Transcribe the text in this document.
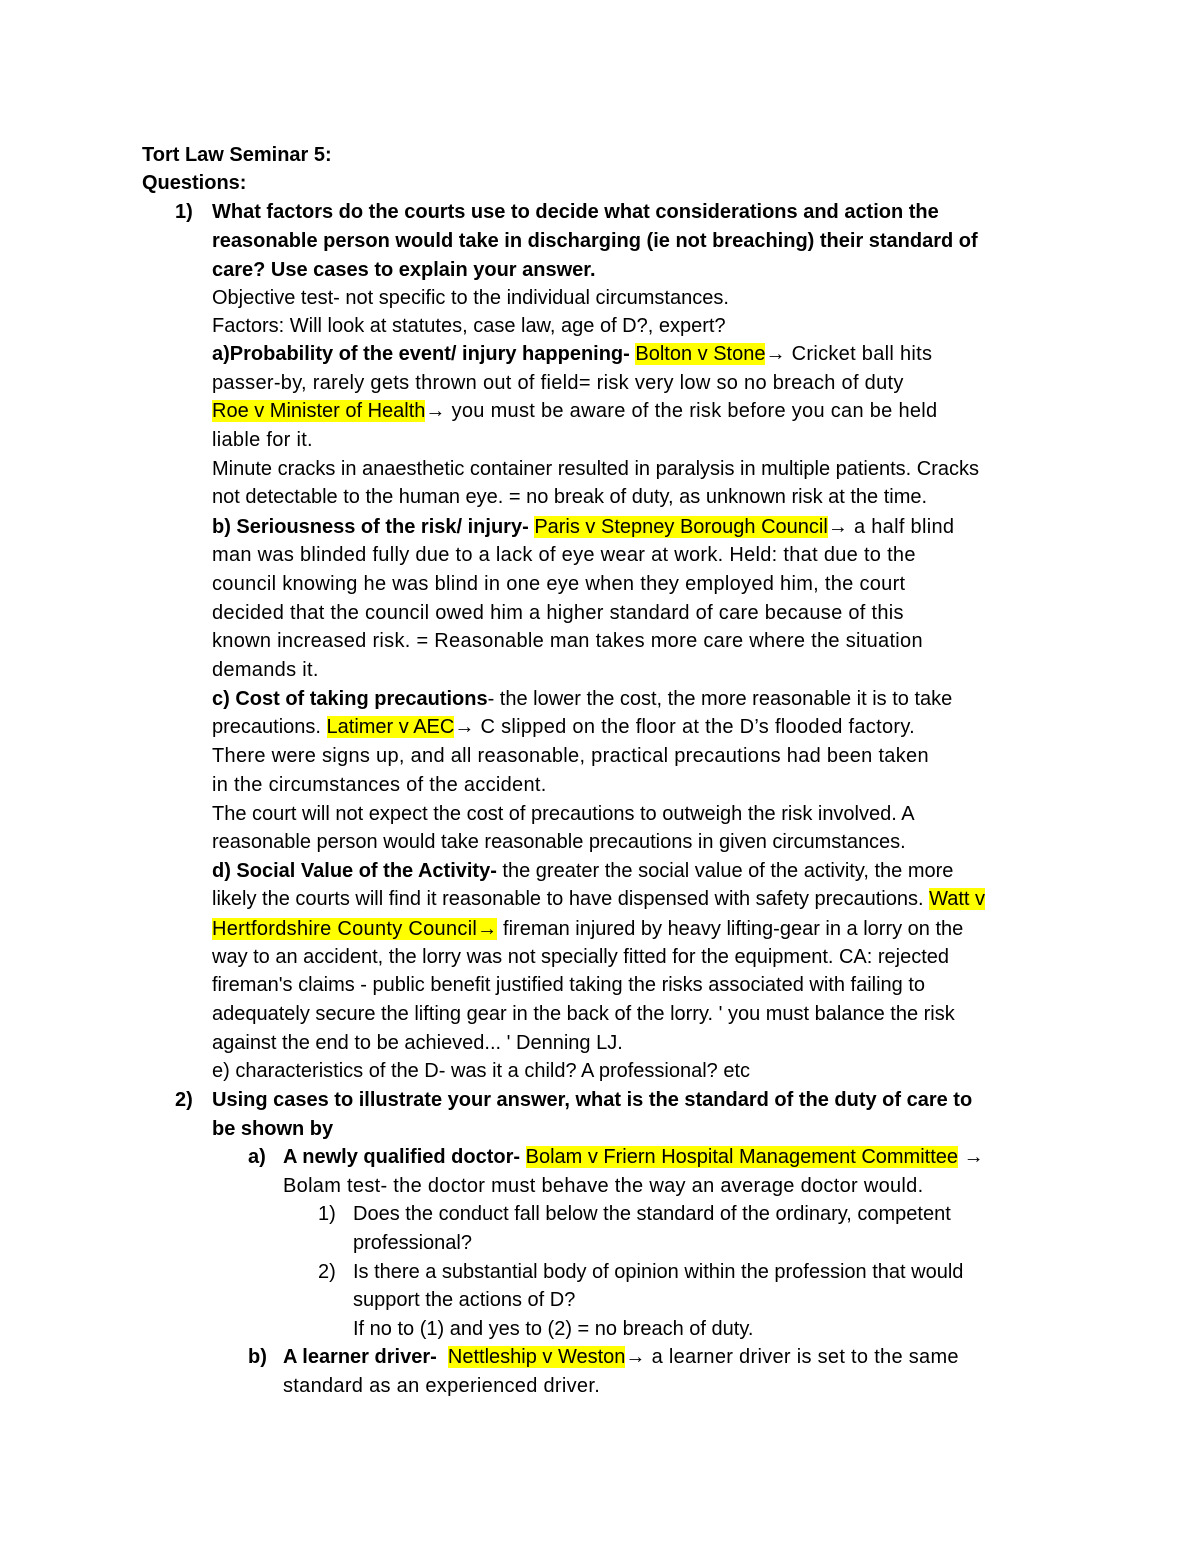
Tort Law Seminar 5:
Questions:
1) What factors do the courts use to decide what considerations and action the
reasonable person would take in discharging (ie not breaching) their standard of
care? Use cases to explain your answer.
Objective test- not specific to the individual circumstances.
Factors: Will look at statutes, case law, age of D?, expert?
a)Probability of the event/ injury happening- Bolton v Stone→ Cricket ball hits
passer-by, rarely gets thrown out of field= risk very low so no breach of duty
Roe v Minister of Health→ you must be aware of the risk before you can be held
liable for it.
Minute cracks in anaesthetic container resulted in paralysis in multiple patients. Cracks
not detectable to the human eye. = no break of duty, as unknown risk at the time.
b) Seriousness of the risk/ injury- Paris v Stepney Borough Council→ a half blind
man was blinded fully due to a lack of eye wear at work. Held: that due to the
council knowing he was blind in one eye when they employed him, the court
decided that the council owed him a higher standard of care because of this
known increased risk. = Reasonable man takes more care where the situation
demands it.
c) Cost of taking precautions- the lower the cost, the more reasonable it is to take
precautions. Latimer v AEC→ C slipped on the floor at the D’s flooded factory.
There were signs up, and all reasonable, practical precautions had been taken
in the circumstances of the accident.
The court will not expect the cost of precautions to outweigh the risk involved. A
reasonable person would take reasonable precautions in given circumstances.
d) Social Value of the Activity- the greater the social value of the activity, the more
likely the courts will find it reasonable to have dispensed with safety precautions. Watt v
Hertfordshire County Council→ fireman injured by heavy lifting-gear in a lorry on the
way to an accident, the lorry was not specially fitted for the equipment. CA: rejected
fireman's claims - public benefit justified taking the risks associated with failing to
adequately secure the lifting gear in the back of the lorry. ' you must balance the risk
against the end to be achieved... ' Denning LJ.
e) characteristics of the D- was it a child? A professional? etc
2) Using cases to illustrate your answer, what is the standard of the duty of care to
be shown by
a) A newly qualified doctor- Bolam v Friern Hospital Management Committee →
Bolam test- the doctor must behave the way an average doctor would.
1) Does the conduct fall below the standard of the ordinary, competent
professional?
2) Is there a substantial body of opinion within the profession that would
support the actions of D?
If no to (1) and yes to (2) = no breach of duty.
b) A learner driver- Nettleship v Weston→ a learner driver is set to the same
standard as an experienced driver.
